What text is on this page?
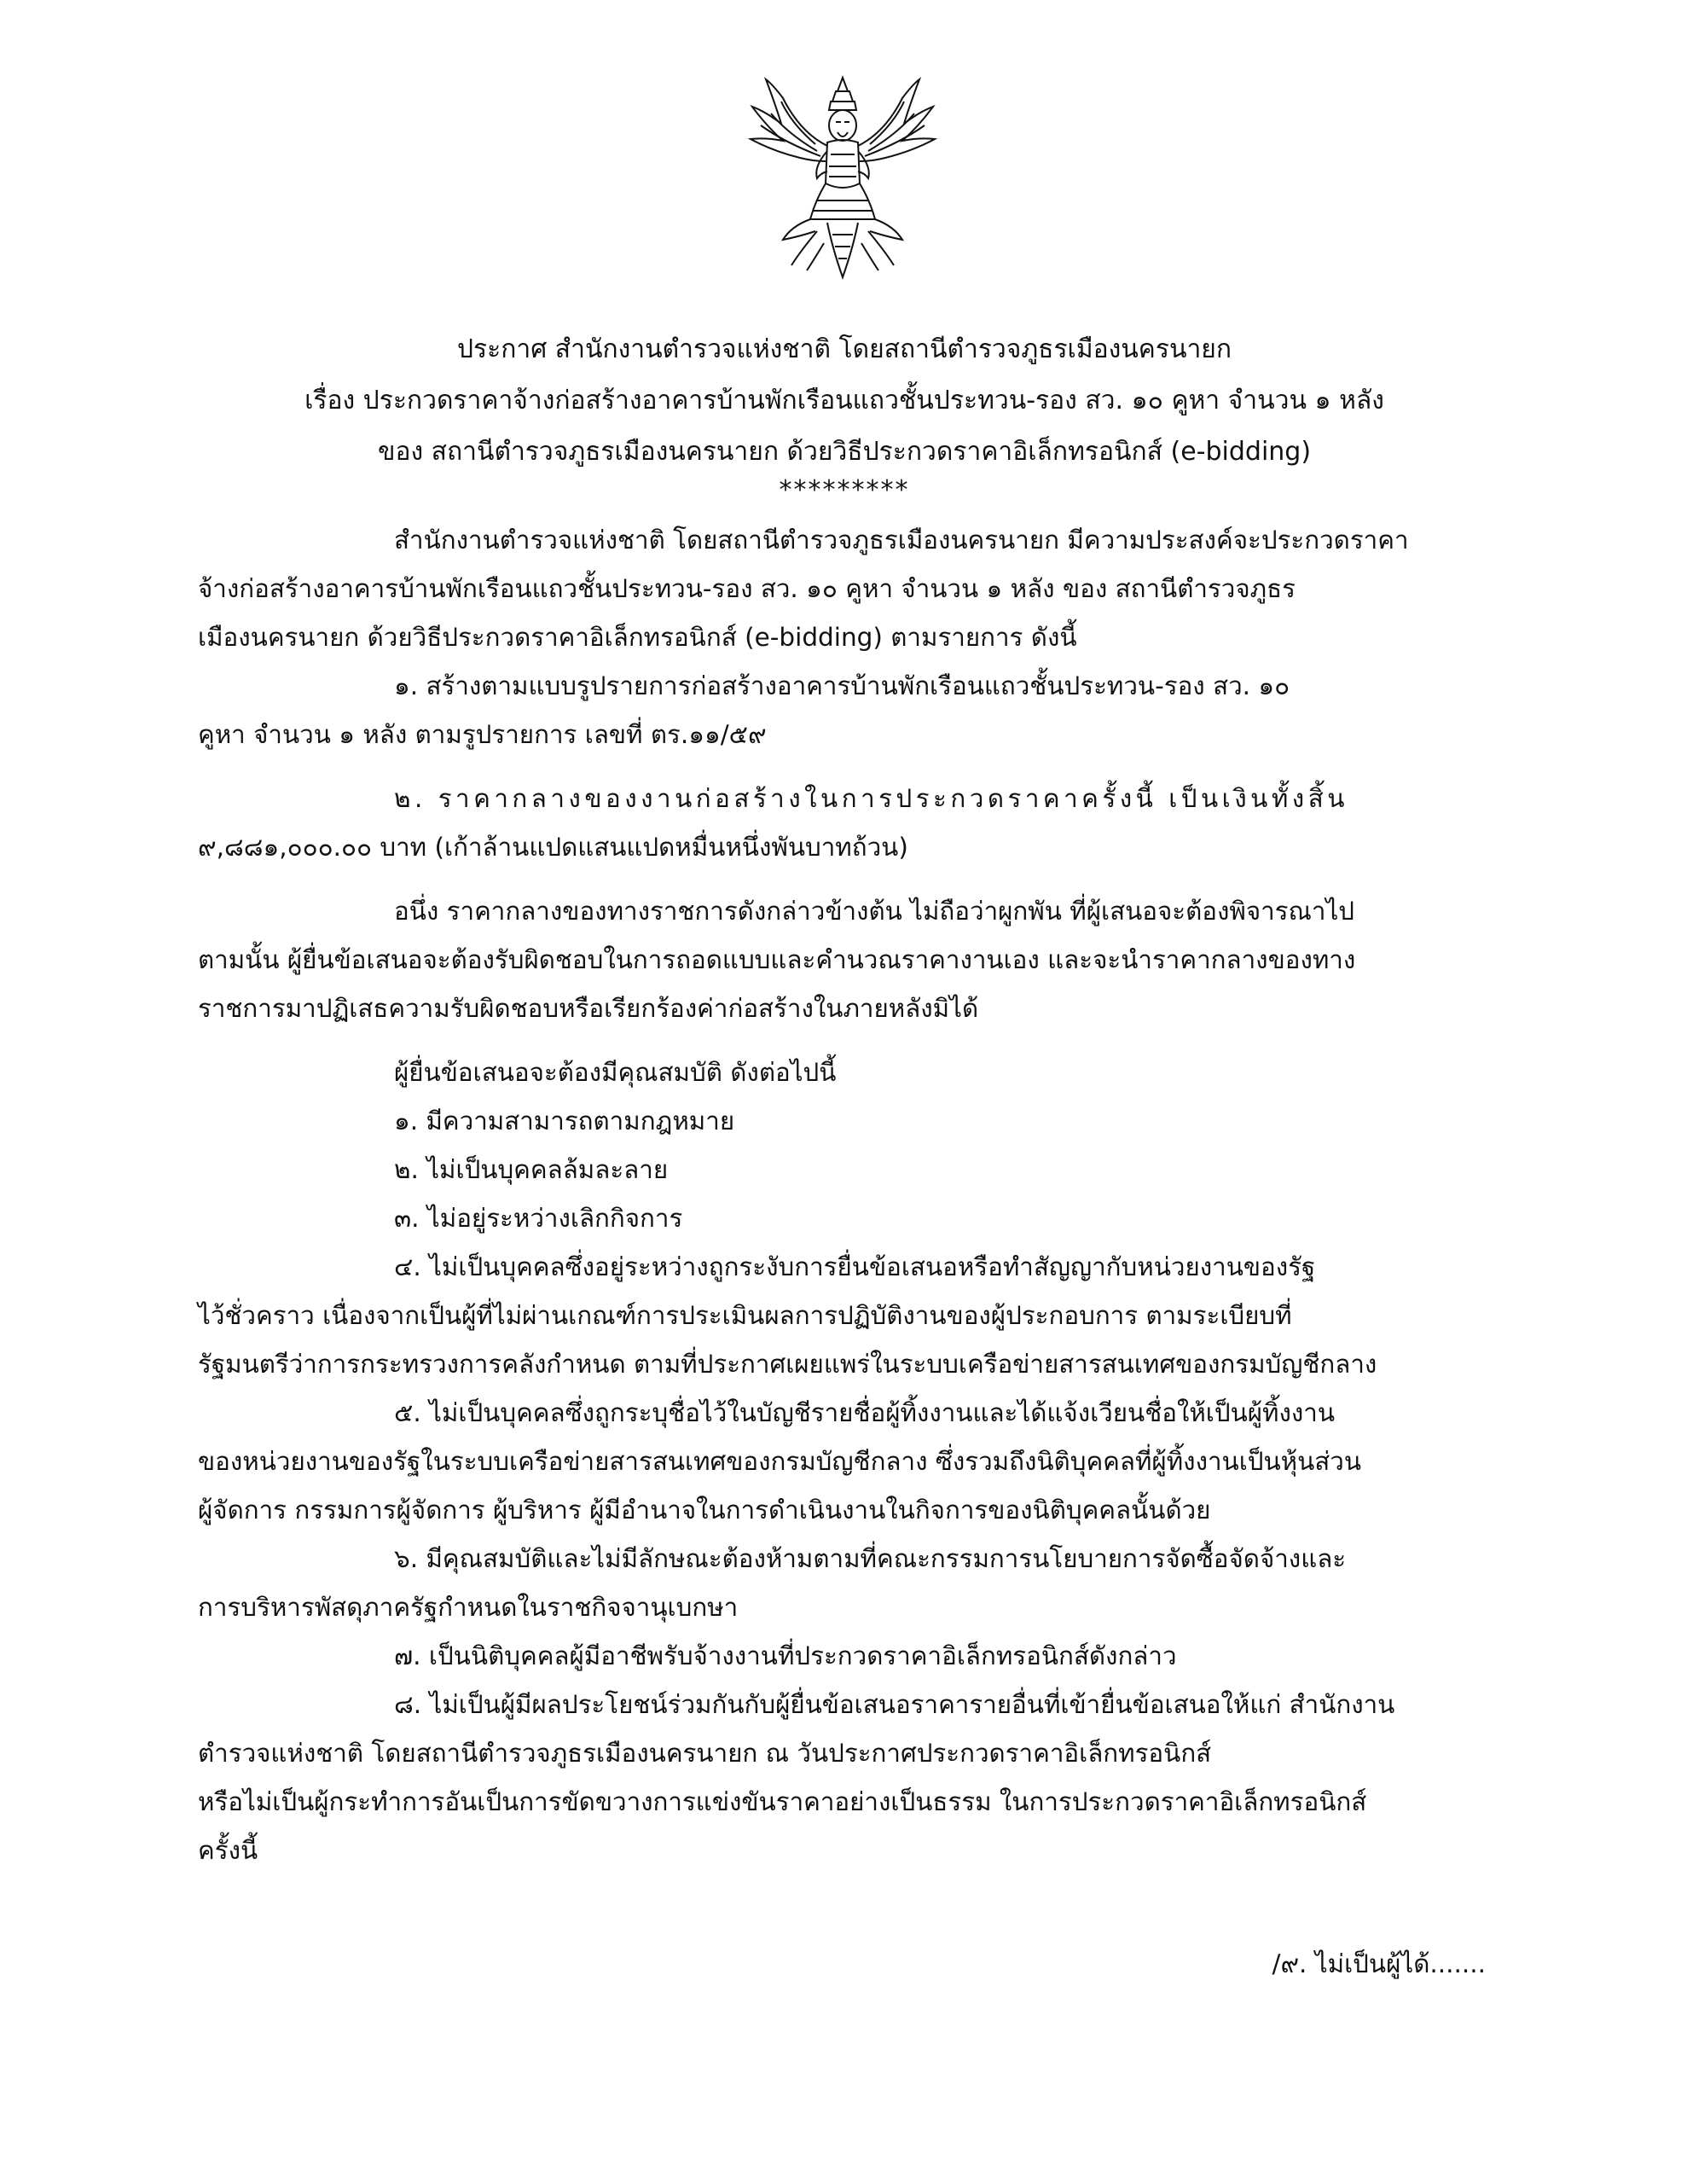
ประกาศ สำนักงานตำรวจแห่งชาติ โดยสถานีตำรวจภูธรเมืองนครนายก
เรื่อง ประกวดราคาจ้างก่อสร้างอาคารบ้านพักเรือนแถวชั้นประทวน-รอง สว. ๑๐ คูหา จำนวน ๑ หลัง
ของ สถานีตำรวจภูธรเมืองนครนายก ด้วยวิธีประกวดราคาอิเล็กทรอนิกส์ (e-bidding)
*********

สำนักงานตำรวจแห่งชาติ โดยสถานีตำรวจภูธรเมืองนครนายก มีความประสงค์จะประกวดราคา

จ้างก่อสร้างอาคารบ้านพักเรือนแถวชั้นประทวน-รอง สว. ๑๐ คูหา จำนวน ๑ หลัง ของ สถานีตำรวจภูธร

เมืองนครนายก ด้วยวิธีประกวดราคาอิเล็กทรอนิกส์ (e-bidding) ตามรายการ ดังนี้

๑. สร้างตามแบบรูปรายการก่อสร้างอาคารบ้านพักเรือนแถวชั้นประทวน-รอง สว. ๑๐

คูหา จำนวน ๑ หลัง ตามรูปรายการ เลขที่ ตร.๑๑/๕๙

๒. ราคากลางของงานก่อสร้างในการประกวดราคาครั้งนี้ เป็นเงินทั้งสิ้น

๙,๘๘๑,๐๐๐.๐๐ บาท (เก้าล้านแปดแสนแปดหมื่นหนึ่งพันบาทถ้วน)

อนึ่ง ราคากลางของทางราชการดังกล่าวข้างต้น ไม่ถือว่าผูกพัน ที่ผู้เสนอจะต้องพิจารณาไป

ตามนั้น ผู้ยื่นข้อเสนอจะต้องรับผิดชอบในการถอดแบบและคำนวณราคางานเอง และจะนำราคากลางของทาง

ราชการมาปฏิเสธความรับผิดชอบหรือเรียกร้องค่าก่อสร้างในภายหลังมิได้

ผู้ยื่นข้อเสนอจะต้องมีคุณสมบัติ ดังต่อไปนี้

๑. มีความสามารถตามกฎหมาย

๒. ไม่เป็นบุคคลล้มละลาย

๓. ไม่อยู่ระหว่างเลิกกิจการ

๔. ไม่เป็นบุคคลซึ่งอยู่ระหว่างถูกระงับการยื่นข้อเสนอหรือทำสัญญากับหน่วยงานของรัฐ

ไว้ชั่วคราว เนื่องจากเป็นผู้ที่ไม่ผ่านเกณฑ์การประเมินผลการปฏิบัติงานของผู้ประกอบการ ตามระเบียบที่

รัฐมนตรีว่าการกระทรวงการคลังกำหนด ตามที่ประกาศเผยแพร่ในระบบเครือข่ายสารสนเทศของกรมบัญชีกลาง

๕. ไม่เป็นบุคคลซึ่งถูกระบุชื่อไว้ในบัญชีรายชื่อผู้ทิ้งงานและได้แจ้งเวียนชื่อให้เป็นผู้ทิ้งงาน

ของหน่วยงานของรัฐในระบบเครือข่ายสารสนเทศของกรมบัญชีกลาง ซึ่งรวมถึงนิติบุคคลที่ผู้ทิ้งงานเป็นหุ้นส่วน

ผู้จัดการ กรรมการผู้จัดการ ผู้บริหาร ผู้มีอำนาจในการดำเนินงานในกิจการของนิติบุคคลนั้นด้วย

๖. มีคุณสมบัติและไม่มีลักษณะต้องห้ามตามที่คณะกรรมการนโยบายการจัดซื้อจัดจ้างและ

การบริหารพัสดุภาครัฐกำหนดในราชกิจจานุเบกษา

๗. เป็นนิติบุคคลผู้มีอาชีพรับจ้างงานที่ประกวดราคาอิเล็กทรอนิกส์ดังกล่าว

๘. ไม่เป็นผู้มีผลประโยชน์ร่วมกันกับผู้ยื่นข้อเสนอราคารายอื่นที่เข้ายื่นข้อเสนอให้แก่ สำนักงาน

ตำรวจแห่งชาติ โดยสถานีตำรวจภูธรเมืองนครนายก ณ วันประกาศประกวดราคาอิเล็กทรอนิกส์

หรือไม่เป็นผู้กระทำการอันเป็นการขัดขวางการแข่งขันราคาอย่างเป็นธรรม ในการประกวดราคาอิเล็กทรอนิกส์

ครั้งนี้

/๙. ไม่เป็นผู้ได้.......
